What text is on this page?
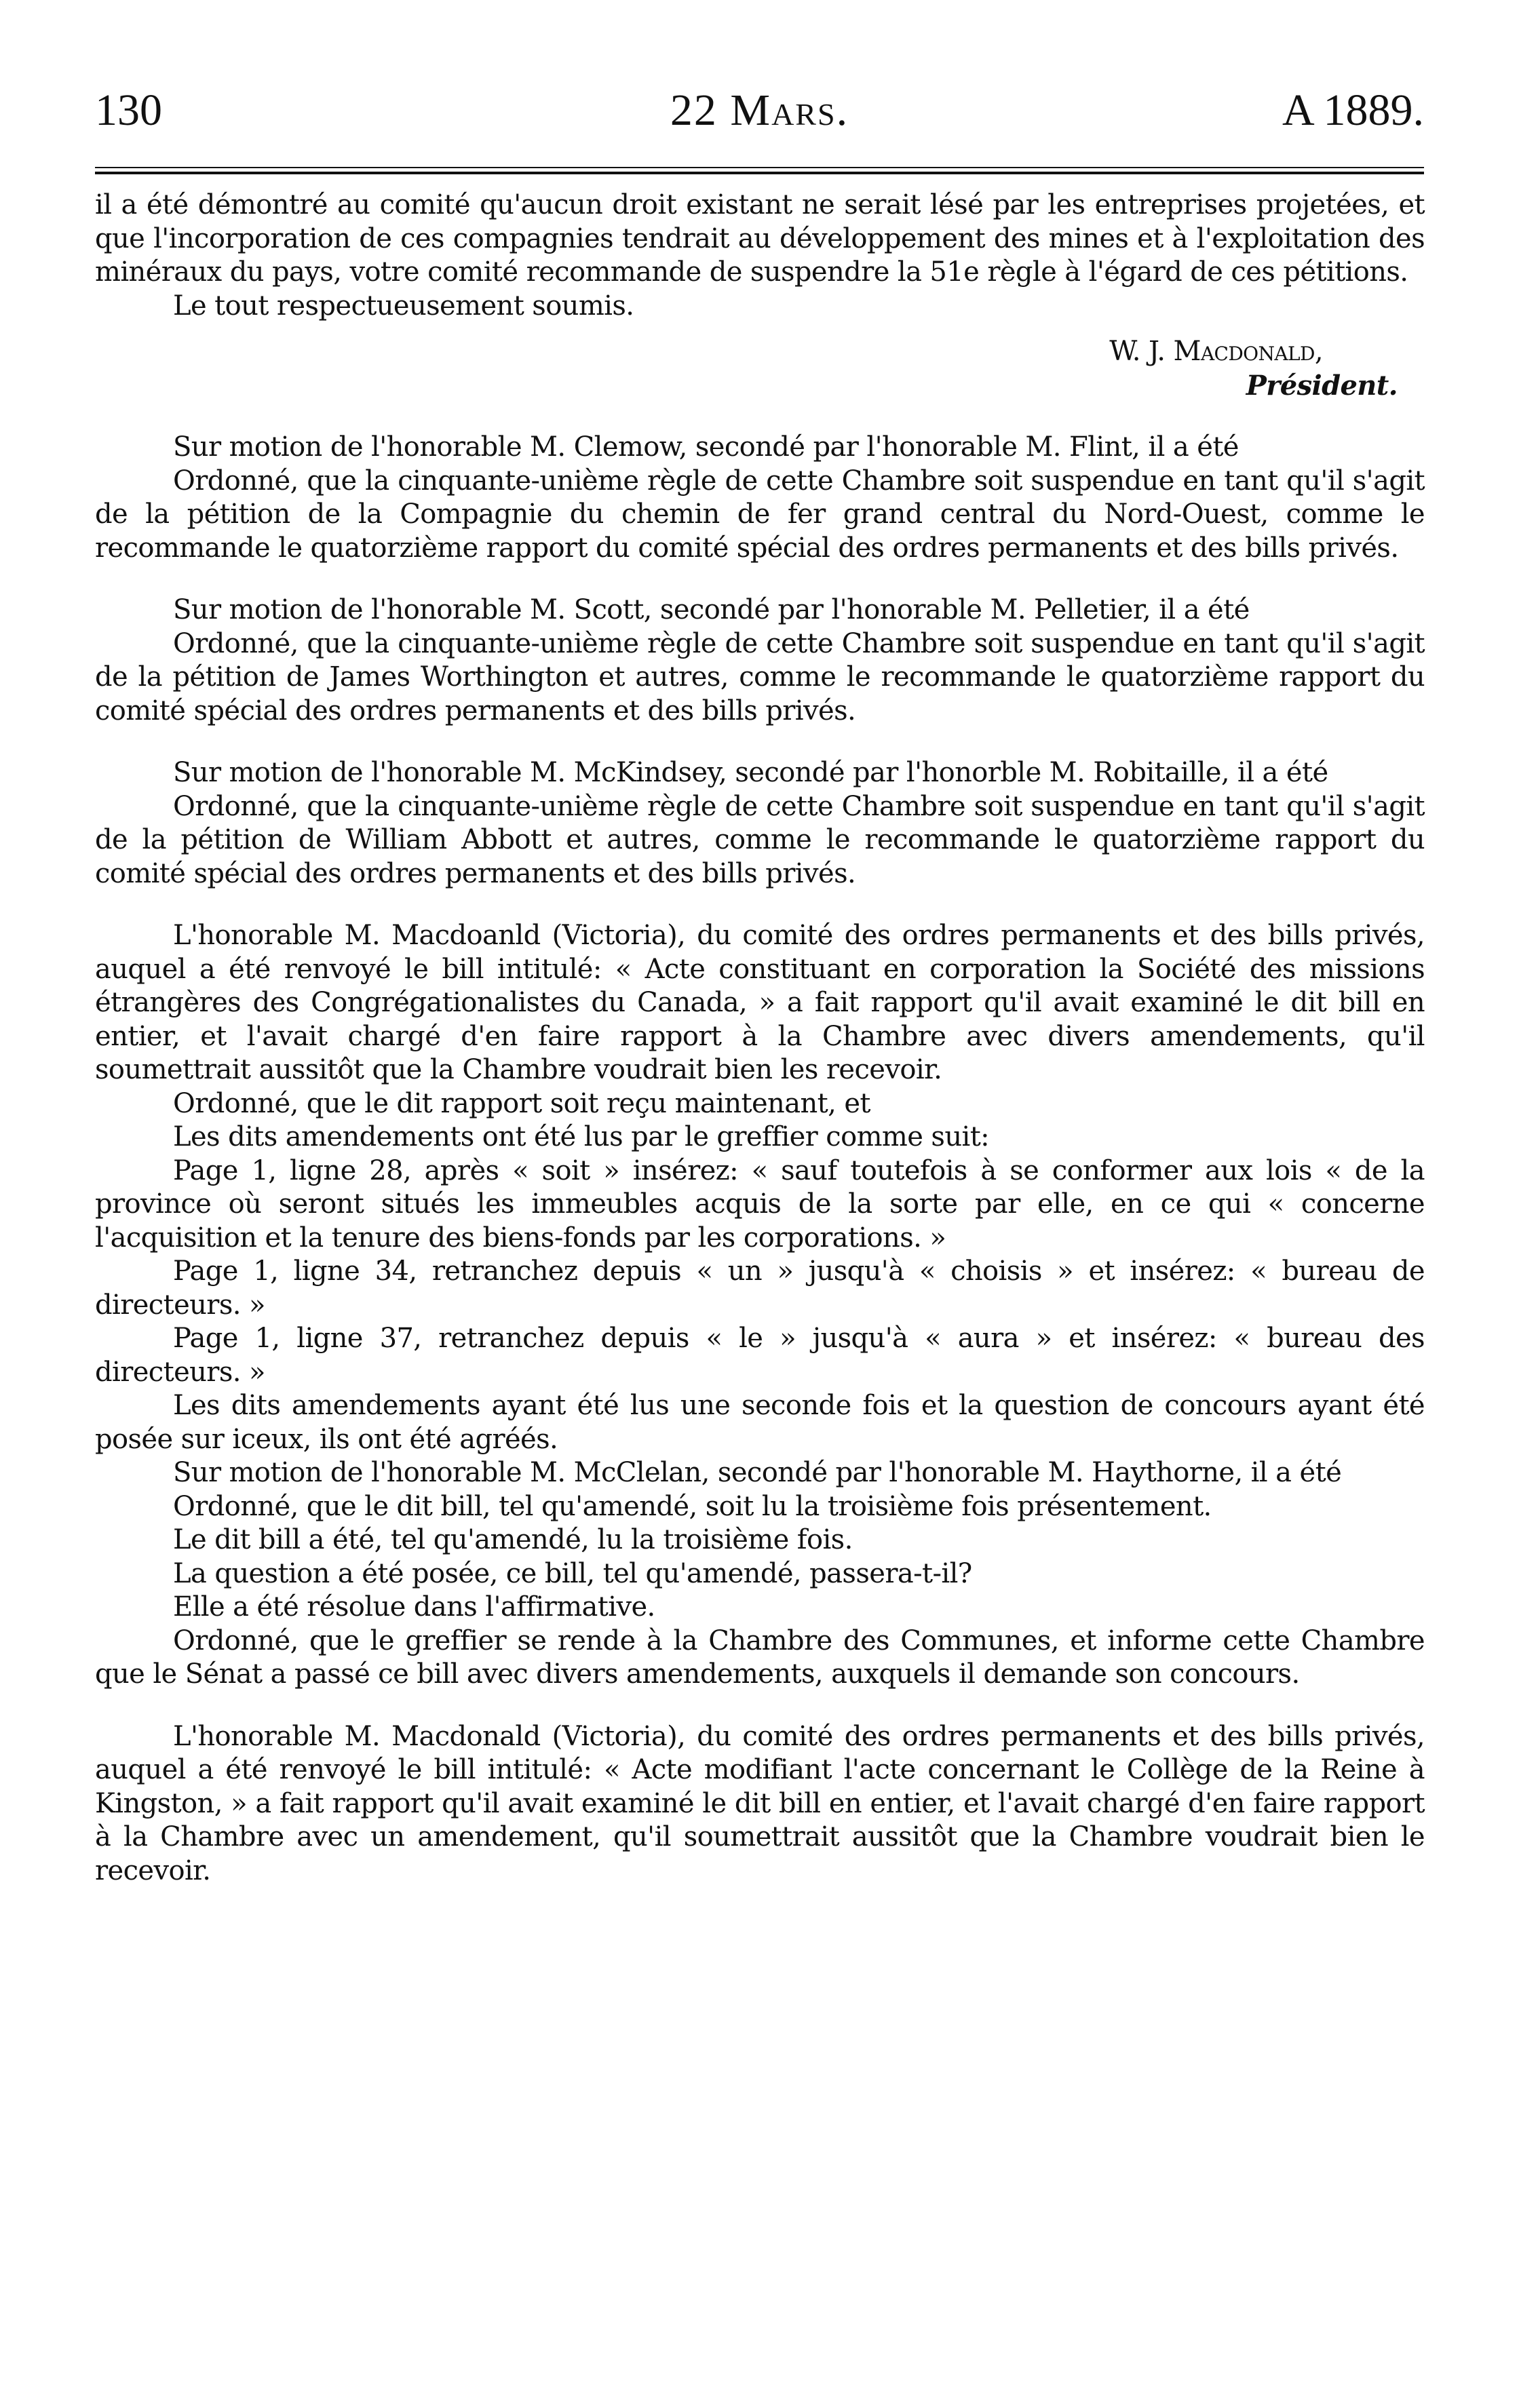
130	22 Mars.	A 1889.

il a été démontré au comité qu'aucun droit existant ne serait lésé par les entreprises projetées, et que l'incorporation de ces compagnies tendrait au développement des mines et à l'exploitation des minéraux du pays, votre comité recommande de suspendre la 51e règle à l'égard de ces pétitions.

Le tout respectueusement soumis.

W. J. Macdonald,

Président.

Sur motion de l'honorable M. Clemow, secondé par l'honorable M. Flint, il a été

Ordonné, que la cinquante-unième règle de cette Chambre soit suspendue en tant qu'il s'agit de la pétition de la Compagnie du chemin de fer grand central du Nord-Ouest, comme le recommande le quatorzième rapport du comité spécial des ordres permanents et des bills privés.

Sur motion de l'honorable M. Scott, secondé par l'honorable M. Pelletier, il a été

Ordonné, que la cinquante-unième règle de cette Chambre soit suspendue en tant qu'il s'agit de la pétition de James Worthington et autres, comme le recommande le quatorzième rapport du comité spécial des ordres permanents et des bills privés.

Sur motion de l'honorable M. McKindsey, secondé par l'honorble M. Robitaille, il a été

Ordonné, que la cinquante-unième règle de cette Chambre soit suspendue en tant qu'il s'agit de la pétition de William Abbott et autres, comme le recommande le quatorzième rapport du comité spécial des ordres permanents et des bills privés.

L'honorable M. Macdoanld (Victoria), du comité des ordres permanents et des bills privés, auquel a été renvoyé le bill intitulé: « Acte constituant en corporation la Société des missions étrangères des Congrégationalistes du Canada, » a fait rapport qu'il avait examiné le dit bill en entier, et l'avait chargé d'en faire rapport à la Chambre avec divers amendements, qu'il soumettrait aussitôt que la Chambre voudrait bien les recevoir.

Ordonné, que le dit rapport soit reçu maintenant, et

Les dits amendements ont été lus par le greffier comme suit:

Page 1, ligne 28, après « soit » insérez: « sauf toutefois à se conformer aux lois « de la province où seront situés les immeubles acquis de la sorte par elle, en ce qui « concerne l'acquisition et la tenure des biens-fonds par les corporations. »

Page 1, ligne 34, retranchez depuis « un » jusqu'à « choisis » et insérez: « bureau de directeurs. »

Page 1, ligne 37, retranchez depuis « le » jusqu'à « aura » et insérez: « bureau des directeurs. »

Les dits amendements ayant été lus une seconde fois et la question de concours ayant été posée sur iceux, ils ont été agréés.

Sur motion de l'honorable M. McClelan, secondé par l'honorable M. Haythorne, il a été

Ordonné, que le dit bill, tel qu'amendé, soit lu la troisième fois présentement.

Le dit bill a été, tel qu'amendé, lu la troisième fois.

La question a été posée, ce bill, tel qu'amendé, passera-t-il?

Elle a été résolue dans l'affirmative.

Ordonné, que le greffier se rende à la Chambre des Communes, et informe cette Chambre que le Sénat a passé ce bill avec divers amendements, auxquels il demande son concours.

L'honorable M. Macdonald (Victoria), du comité des ordres permanents et des bills privés, auquel a été renvoyé le bill intitulé: « Acte modifiant l'acte concernant le Collège de la Reine à Kingston, » a fait rapport qu'il avait examiné le dit bill en entier, et l'avait chargé d'en faire rapport à la Chambre avec un amendement, qu'il soumettrait aussitôt que la Chambre voudrait bien le recevoir.
